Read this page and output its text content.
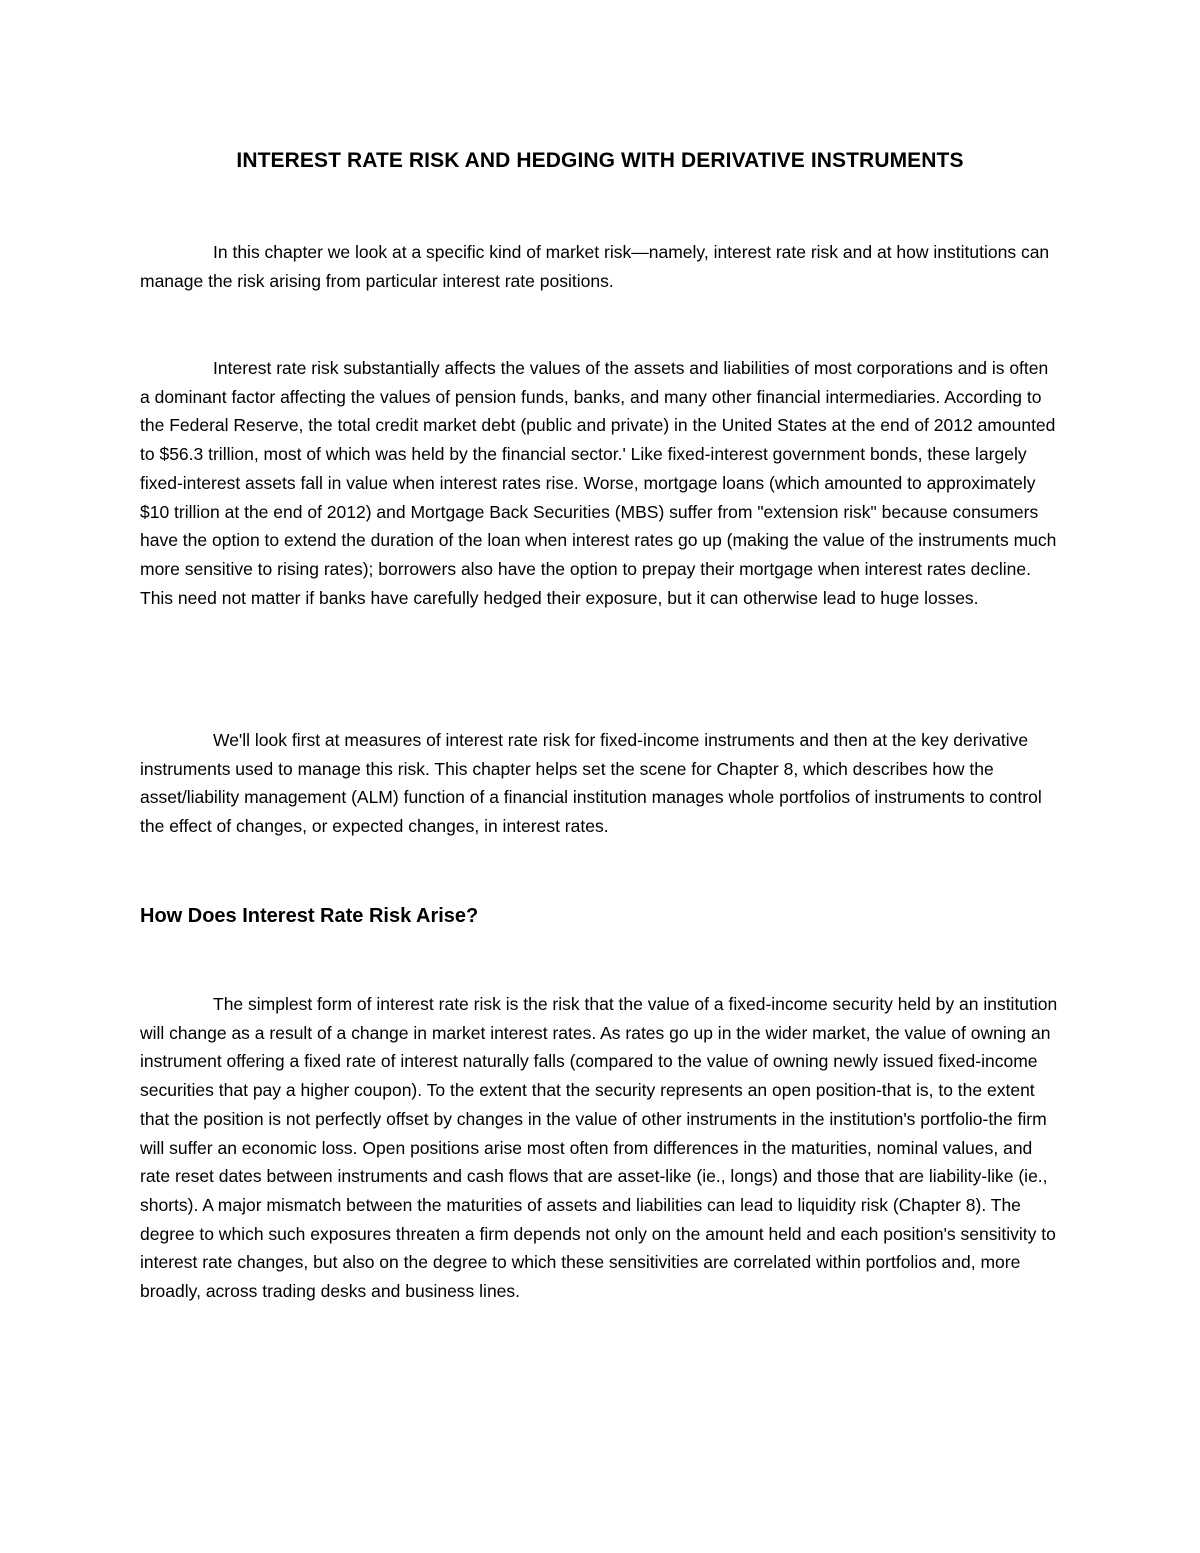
INTEREST RATE RISK AND HEDGING WITH DERIVATIVE INSTRUMENTS

In this chapter we look at a specific kind of market risk—namely, interest rate risk and at how institutions can manage the risk arising from particular interest rate positions.

Interest rate risk substantially affects the values of the assets and liabilities of most corporations and is often a dominant factor affecting the values of pension funds, banks, and many other financial intermediaries. According to the Federal Reserve, the total credit market debt (public and private) in the United States at the end of 2012 amounted to $56.3 trillion, most of which was held by the financial sector.' Like fixed-interest government bonds, these largely fixed-interest assets fall in value when interest rates rise. Worse, mortgage loans (which amounted to approximately $10 trillion at the end of 2012) and Mortgage Back Securities (MBS) suffer from "extension risk" because consumers have the option to extend the duration of the loan when interest rates go up (making the value of the instruments much more sensitive to rising rates); borrowers also have the option to prepay their mortgage when interest rates decline. This need not matter if banks have carefully hedged their exposure, but it can otherwise lead to huge losses.

We'll look first at measures of interest rate risk for fixed-income instruments and then at the key derivative instruments used to manage this risk. This chapter helps set the scene for Chapter 8, which describes how the asset/liability management (ALM) function of a financial institution manages whole portfolios of instruments to control the effect of changes, or expected changes, in interest rates.

How Does Interest Rate Risk Arise?

The simplest form of interest rate risk is the risk that the value of a fixed-income security held by an institution will change as a result of a change in market interest rates. As rates go up in the wider market, the value of owning an instrument offering a fixed rate of interest naturally falls (compared to the value of owning newly issued fixed-income securities that pay a higher coupon). To the extent that the security represents an open position-that is, to the extent that the position is not perfectly offset by changes in the value of other instruments in the institution's portfolio-the firm will suffer an economic loss. Open positions arise most often from differences in the maturities, nominal values, and rate reset dates between instruments and cash flows that are asset-like (ie., longs) and those that are liability-like (ie., shorts). A major mismatch between the maturities of assets and liabilities can lead to liquidity risk (Chapter 8). The degree to which such exposures threaten a firm depends not only on the amount held and each position's sensitivity to interest rate changes, but also on the degree to which these sensitivities are correlated within portfolios and, more broadly, across trading desks and business lines.
